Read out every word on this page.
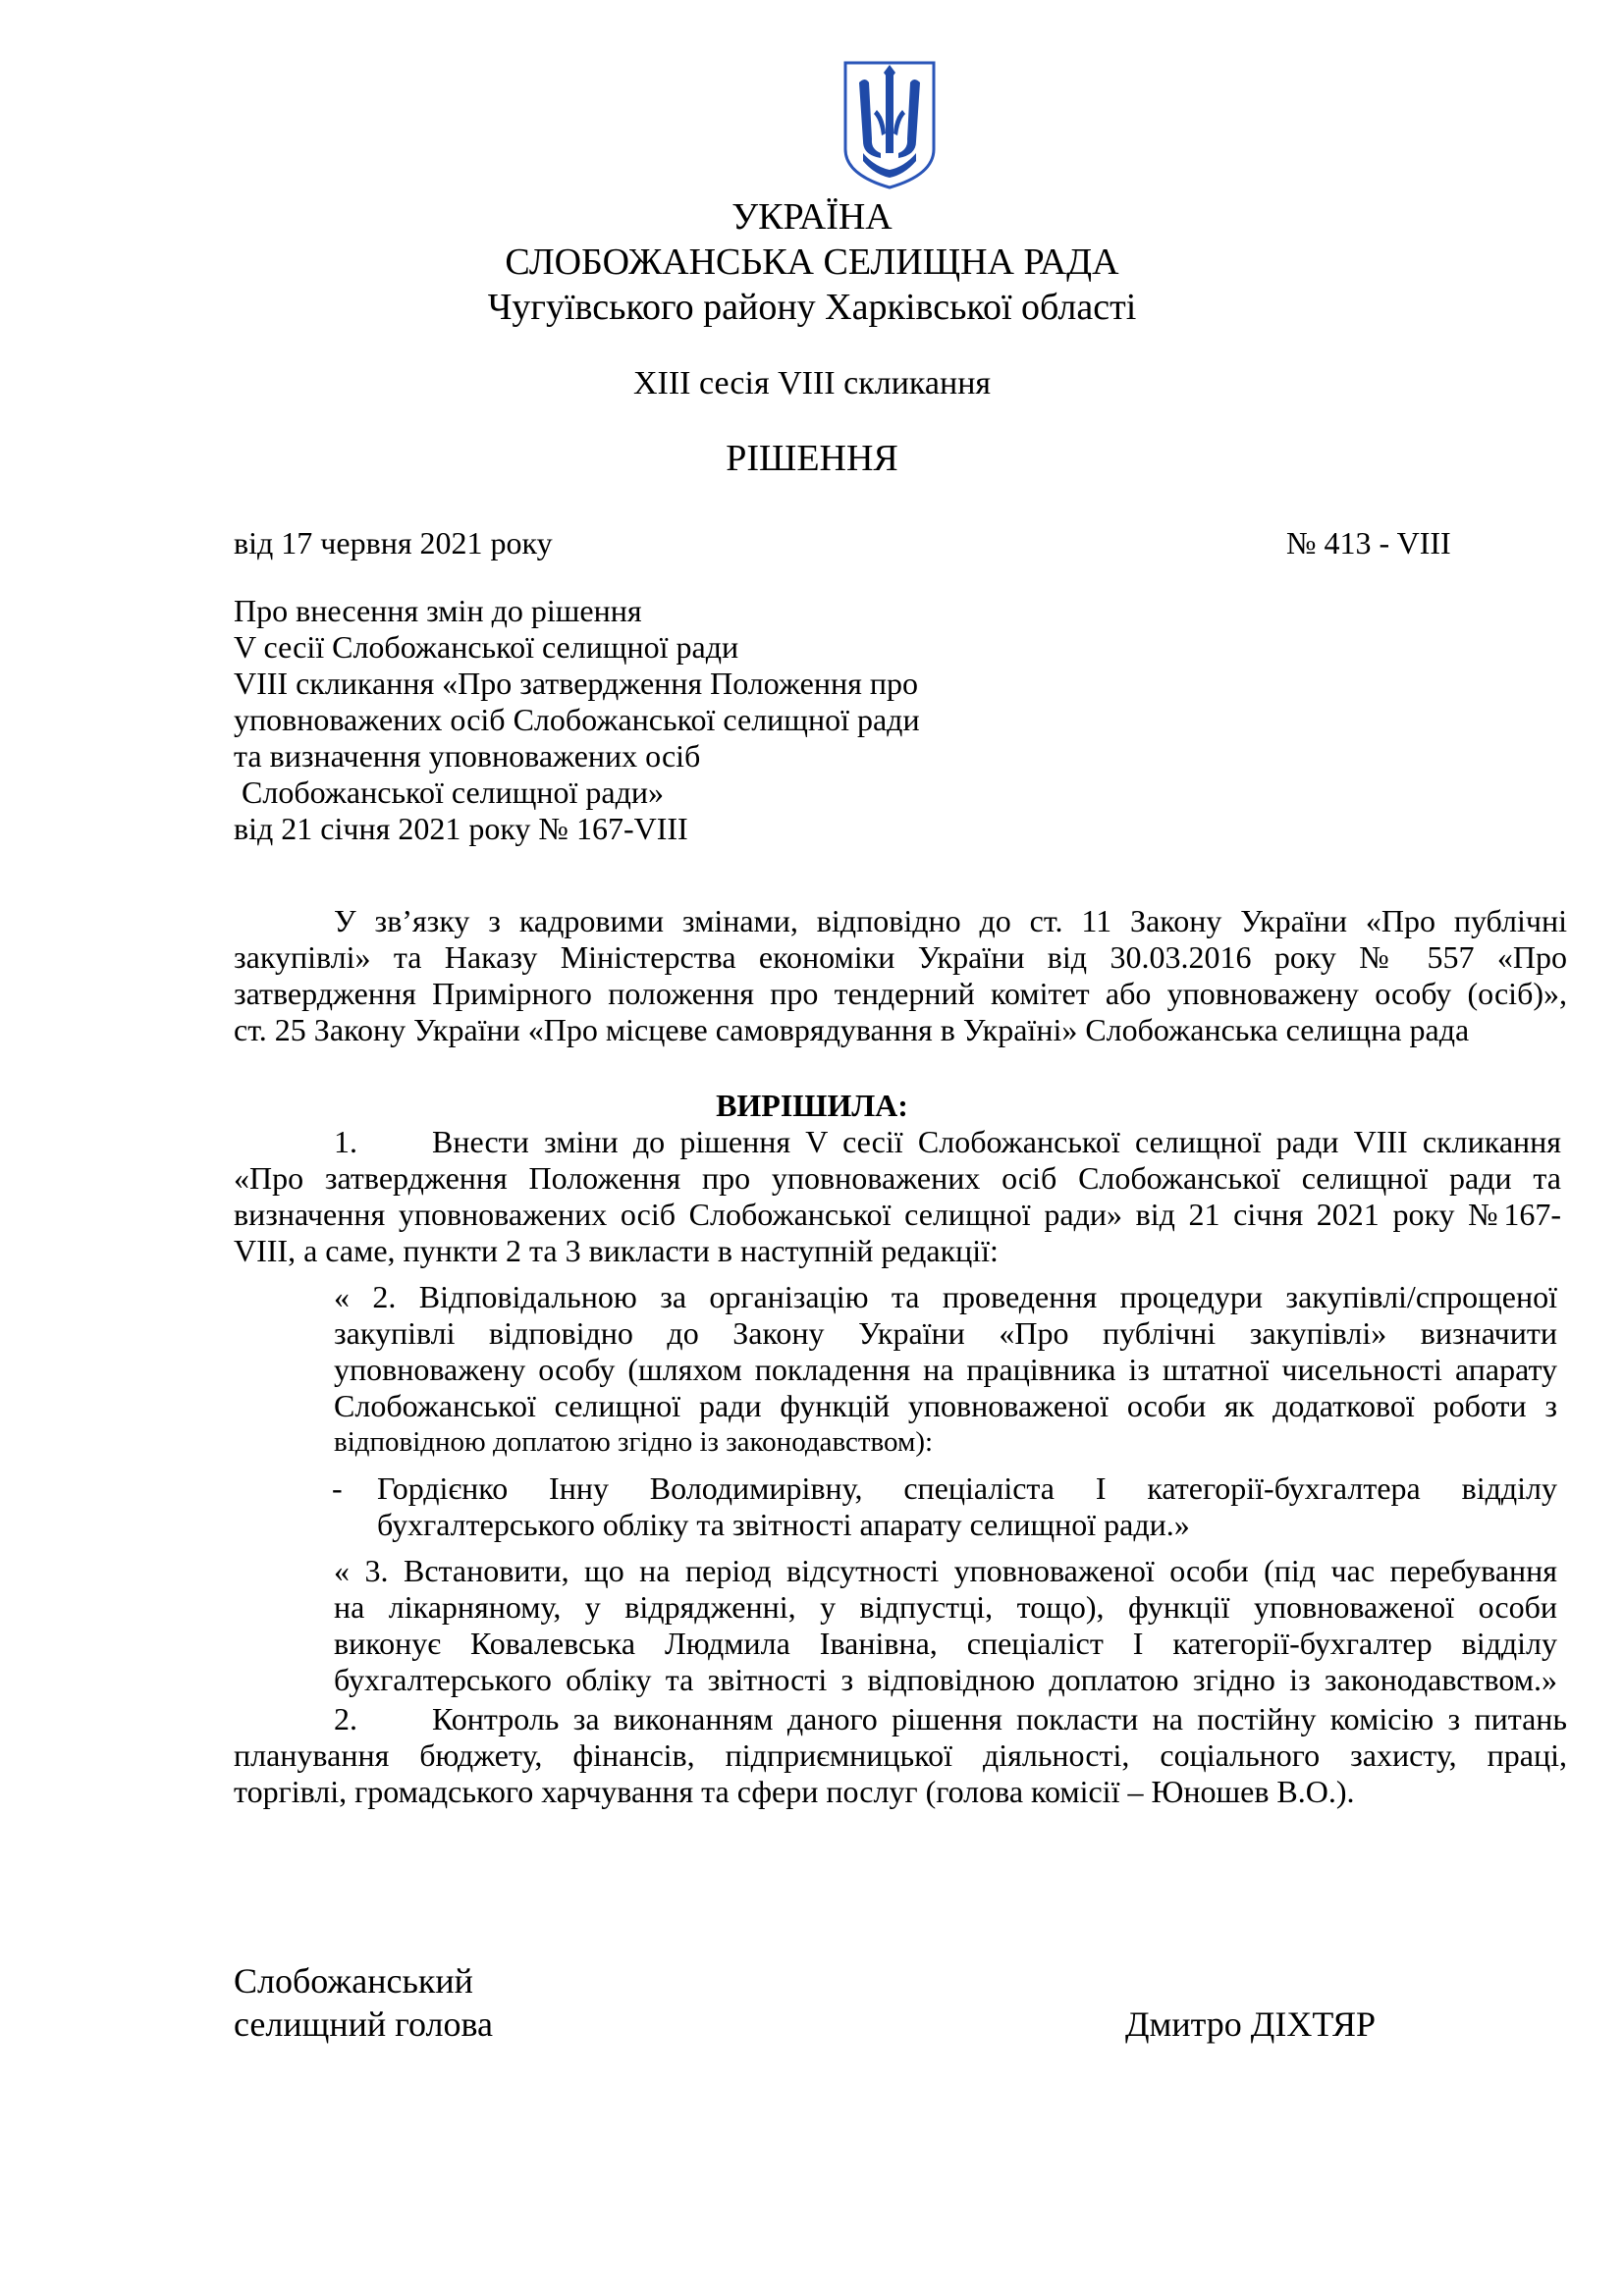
УКРАЇНА
СЛОБОЖАНСЬКА СЕЛИЩНА РАДА
Чугуївського району Харківської області
XIII сесія VIII скликання
РІШЕННЯ
від 17 червня 2021 року	№ 413 - VIII
Про внесення змін до рішення
V сесії Слобожанської селищної ради
VIII скликання «Про затвердження Положення про
уповноважених осіб Слобожанської селищної ради
та визначення уповноважених осіб
Слобожанської селищної ради»
від 21 січня 2021 року № 167-VIII
У зв’язку з кадровими змінами, відповідно до ст. 11 Закону України «Про публічні
закупівлі» та Наказу Міністерства економіки України від 30.03.2016 року № 557 «Про
затвердження Примірного положення про тендерний комітет або уповноважену особу (осіб)»,
ст. 25 Закону України «Про місцеве самоврядування в Україні» Слобожанська селищна рада
ВИРІШИЛА:
1. Внести зміни до рішення V сесії Слобожанської селищної ради VIII скликання
«Про затвердження Положення про уповноважених осіб Слобожанської селищної ради та
визначення уповноважених осіб Слобожанської селищної ради» від 21 січня 2021 року №167-
VIII, а саме, пункти 2 та 3 викласти в наступній редакції:
« 2. Відповідальною за організацію та проведення процедури закупівлі/спрощеної
закупівлі відповідно до Закону України «Про публічні закупівлі» визначити
уповноважену особу (шляхом покладення на працівника із штатної чисельності апарату
Слобожанської селищної ради функцій уповноваженої особи як додаткової роботи з
відповідною доплатою згідно із законодавством):
- Гордієнко Інну Володимирівну, спеціаліста І категорії-бухгалтера відділу
бухгалтерського обліку та звітності апарату селищної ради.»
« 3. Встановити, що на період відсутності уповноваженої особи (під час перебування
на лікарняному, у відрядженні, у відпустці, тощо), функції уповноваженої особи
виконує Ковалевська Людмила Іванівна, спеціаліст І категорії-бухгалтер відділу
бухгалтерського обліку та звітності з відповідною доплатою згідно із законодавством.»
2. Контроль за виконанням даного рішення покласти на постійну комісію з питань
планування бюджету, фінансів, підприємницької діяльності, соціального захисту, праці,
торгівлі, громадського харчування та сфери послуг (голова комісії – Юношев В.О.).
Слобожанський
селищний голова	Дмитро ДІХТЯР
